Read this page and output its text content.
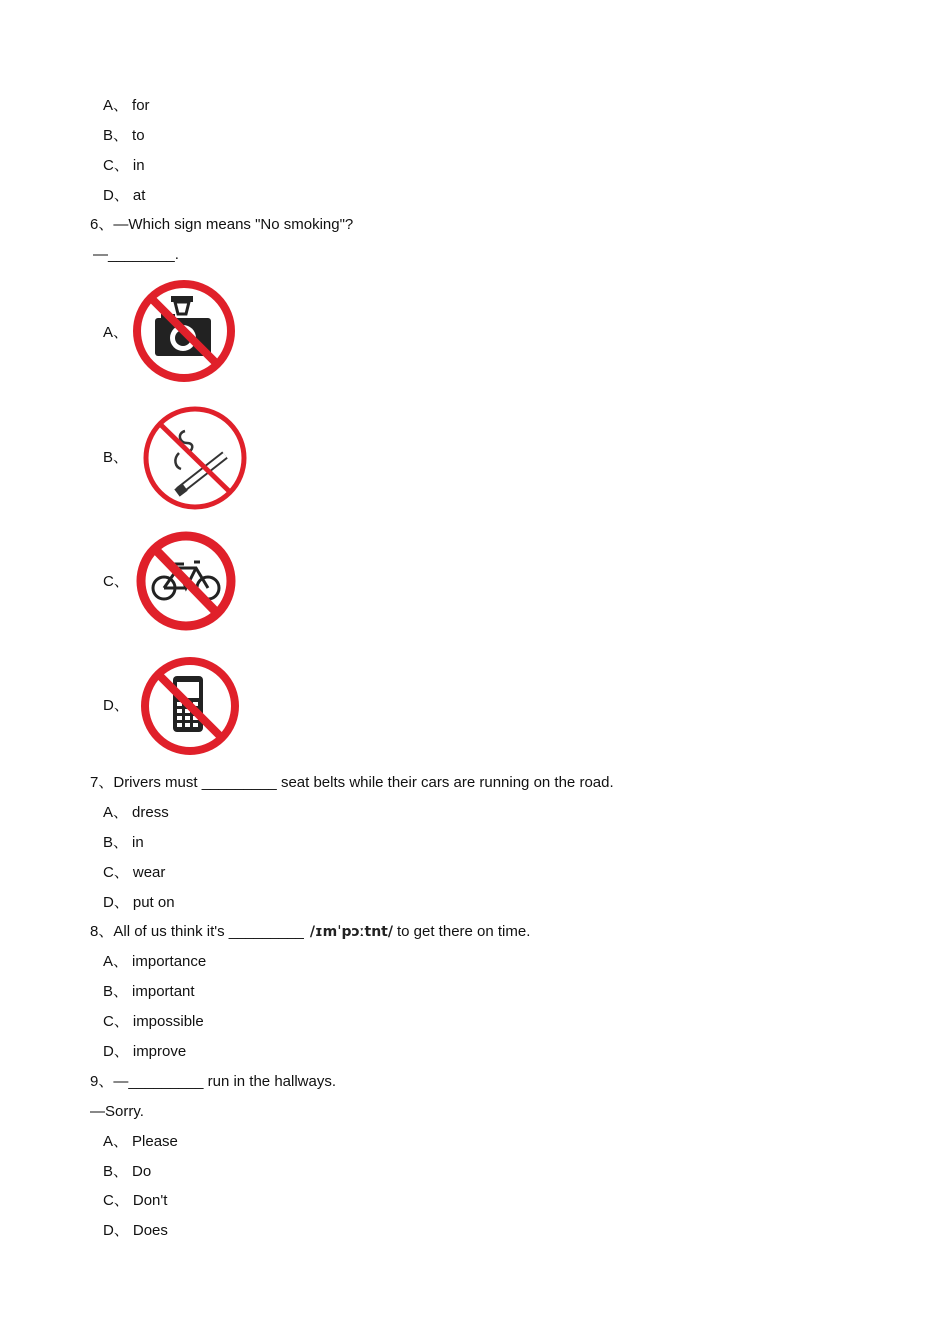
A、 for
B、 to
C、 in
D、 at
6、—Which sign means "No smoking"?
—________.
A、
B、
C、
D、
7、Drivers must _________ seat belts while their cars are running on the road.
A、 dress
B、 in
C、 wear
D、 put on
8、All of us think it's _________ /ɪmˈpɔːtnt/ to get there on time.
A、 importance
B、 important
C、 impossible
D、 improve
9、—_________ run in the hallways.
—Sorry.
A、 Please
B、 Do
C、 Don't
D、 Does
